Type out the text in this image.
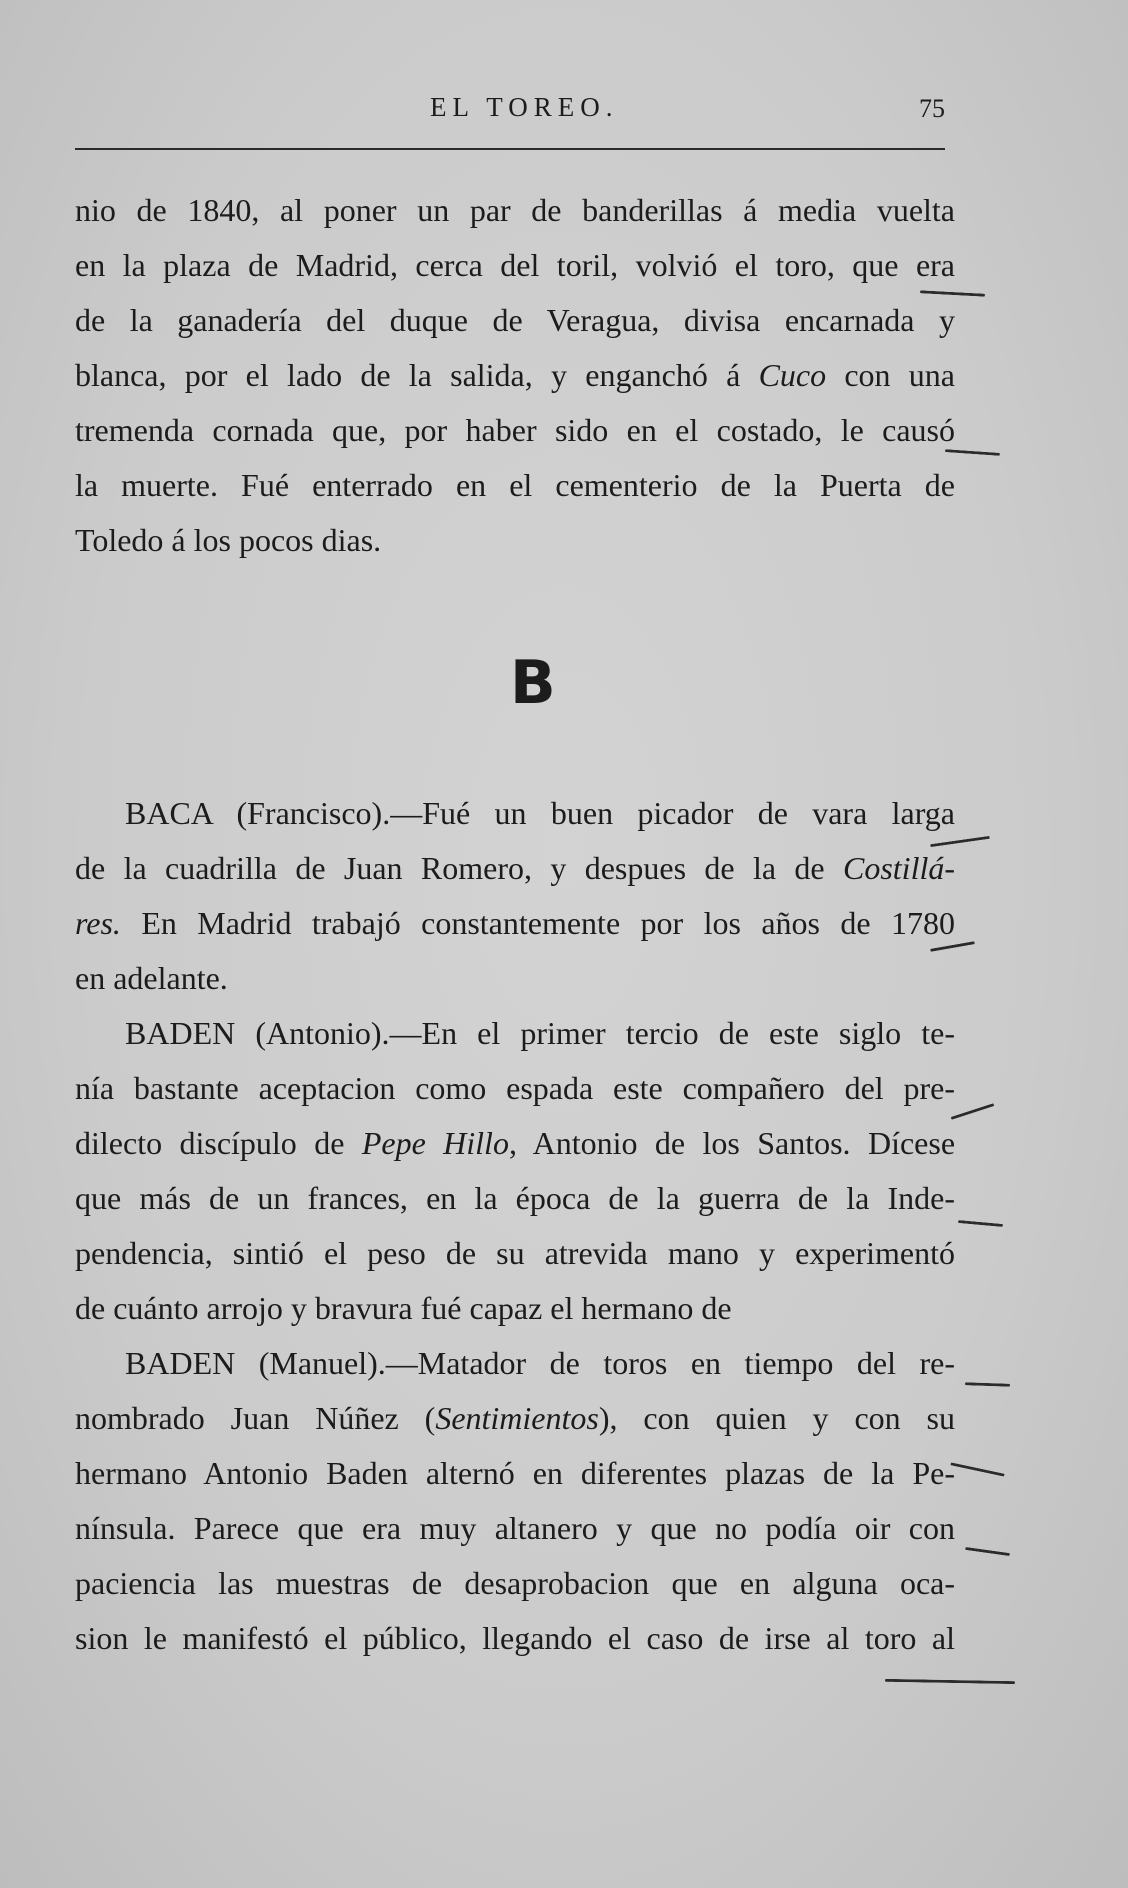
EL TOREO.	75
nio de 1840, al poner un par de banderillas á media vuelta
en la plaza de Madrid, cerca del toril, volvió el toro, que era
de la ganadería del duque de Veragua, divisa encarnada y
blanca, por el lado de la salida, y enganchó á Cuco con una
tremenda cornada que, por haber sido en el costado, le causó
la muerte. Fué enterrado en el cementerio de la Puerta de
Toledo á los pocos dias.
B
BACA (Francisco).—Fué un buen picador de vara larga
de la cuadrilla de Juan Romero, y despues de la de Costillá-
res. En Madrid trabajó constantemente por los años de 1780
en adelante.
BADEN (Antonio).—En el primer tercio de este siglo te-
nía bastante aceptacion como espada este compañero del pre-
dilecto discípulo de Pepe Hillo, Antonio de los Santos. Dícese
que más de un frances, en la época de la guerra de la Inde-
pendencia, sintió el peso de su atrevida mano y experimentó
de cuánto arrojo y bravura fué capaz el hermano de
BADEN (Manuel).—Matador de toros en tiempo del re-
nombrado Juan Núñez (Sentimientos), con quien y con su
hermano Antonio Baden alternó en diferentes plazas de la Pe-
nínsula. Parece que era muy altanero y que no podía oir con
paciencia las muestras de desaprobacion que en alguna oca-
sion le manifestó el público, llegando el caso de irse al toro al
